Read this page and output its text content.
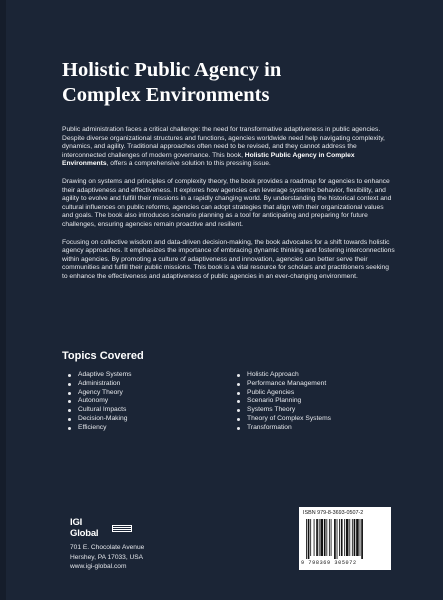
Holistic Public Agency in
Complex Environments

Public administration faces a critical challenge: the need for transformative adaptiveness in public agencies. Despite diverse organizational structures and functions, agencies worldwide need help navigating complexity, dynamics, and agility. Traditional approaches often need to be revised, and they cannot address the interconnected challenges of modern governance. This book, Holistic Public Agency in Complex Environments, offers a comprehensive solution to this pressing issue.

Drawing on systems and principles of complexity theory, the book provides a roadmap for agencies to enhance their adaptiveness and effectiveness. It explores how agencies can leverage systemic behavior, flexibility, and agility to evolve and fulfill their missions in a rapidly changing world. By understanding the historical context and cultural influences on public reforms, agencies can adopt strategies that align with their organizational values and goals. The book also introduces scenario planning as a tool for anticipating and preparing for future challenges, ensuring agencies remain proactive and resilient.

Focusing on collective wisdom and data-driven decision-making, the book advocates for a shift towards holistic agency approaches. It emphasizes the importance of embracing dynamic thinking and fostering interconnections within agencies. By promoting a culture of adaptiveness and innovation, agencies can better serve their communities and fulfill their public missions. This book is a vital resource for scholars and practitioners seeking to enhance the effectiveness and adaptiveness of public agencies in an ever-changing environment.

Topics Covered
Adaptive Systems
Administration
Agency Theory
Autonomy
Cultural Impacts
Decision-Making
Efficiency
Holistic Approach
Performance Management
Public Agencies
Scenario Planning
Systems Theory
Theory of Complex Systems
Transformation
IGI Global
701 E. Chocolate Avenue
Hershey, PA 17033, USA
www.igi-global.com
ISBN 979-8-3693-0507-2
9 798369 305072
